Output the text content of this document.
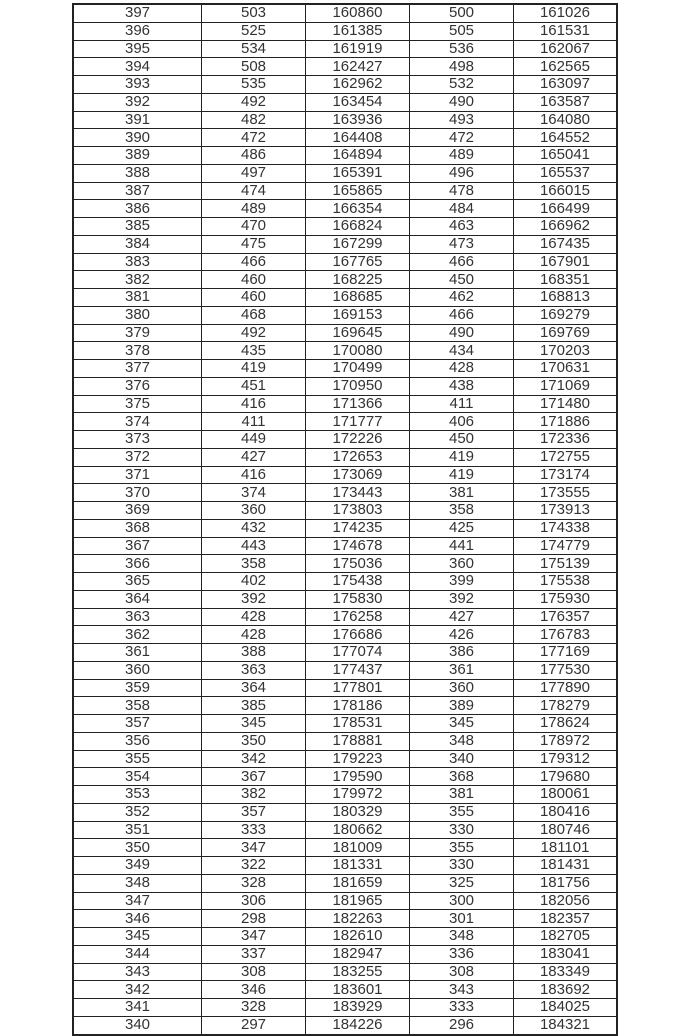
397	503	160860	500	161026
396	525	161385	505	161531
395	534	161919	536	162067
394	508	162427	498	162565
393	535	162962	532	163097
392	492	163454	490	163587
391	482	163936	493	164080
390	472	164408	472	164552
389	486	164894	489	165041
388	497	165391	496	165537
387	474	165865	478	166015
386	489	166354	484	166499
385	470	166824	463	166962
384	475	167299	473	167435
383	466	167765	466	167901
382	460	168225	450	168351
381	460	168685	462	168813
380	468	169153	466	169279
379	492	169645	490	169769
378	435	170080	434	170203
377	419	170499	428	170631
376	451	170950	438	171069
375	416	171366	411	171480
374	411	171777	406	171886
373	449	172226	450	172336
372	427	172653	419	172755
371	416	173069	419	173174
370	374	173443	381	173555
369	360	173803	358	173913
368	432	174235	425	174338
367	443	174678	441	174779
366	358	175036	360	175139
365	402	175438	399	175538
364	392	175830	392	175930
363	428	176258	427	176357
362	428	176686	426	176783
361	388	177074	386	177169
360	363	177437	361	177530
359	364	177801	360	177890
358	385	178186	389	178279
357	345	178531	345	178624
356	350	178881	348	178972
355	342	179223	340	179312
354	367	179590	368	179680
353	382	179972	381	180061
352	357	180329	355	180416
351	333	180662	330	180746
350	347	181009	355	181101
349	322	181331	330	181431
348	328	181659	325	181756
347	306	181965	300	182056
346	298	182263	301	182357
345	347	182610	348	182705
344	337	182947	336	183041
343	308	183255	308	183349
342	346	183601	343	183692
341	328	183929	333	184025
340	297	184226	296	184321
